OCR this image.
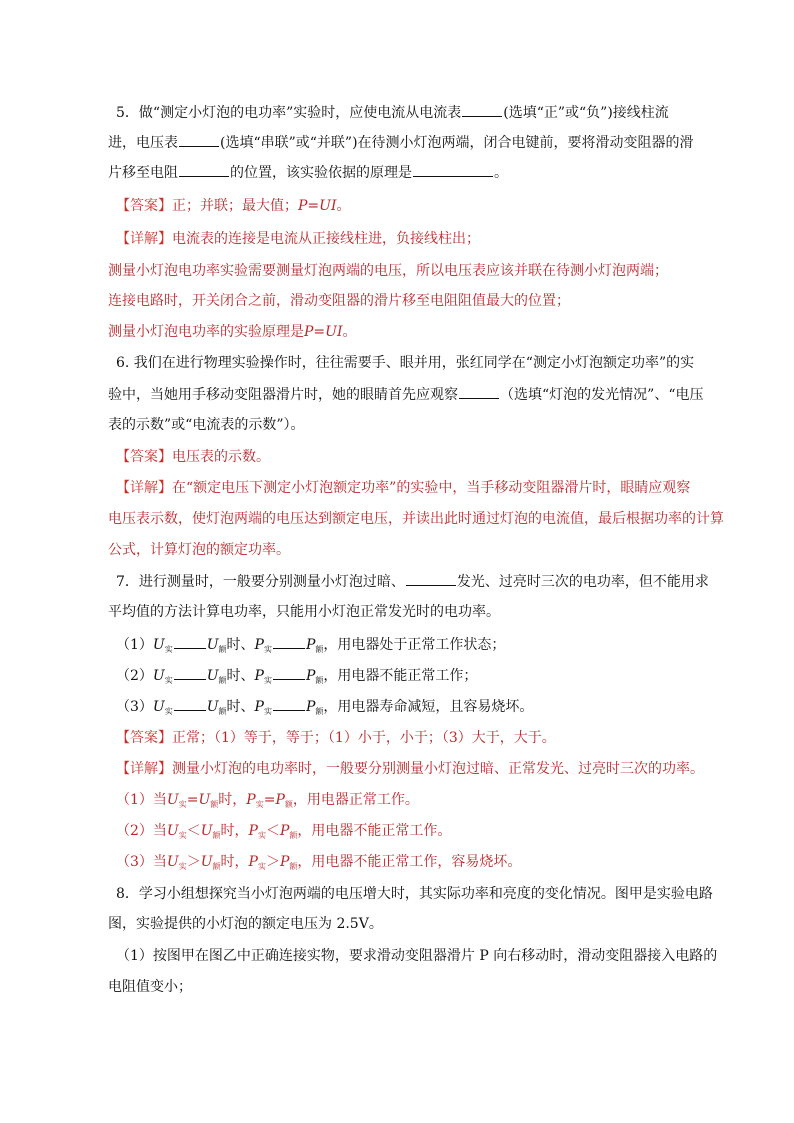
5．做“测定小灯泡的电功率”实验时，应使电流从电流表	(选填“正”或“负”)接线柱流
进，电压表	(选填“串联”或“并联”)在待测小灯泡两端，闭合电键前，要将滑动变阻器的滑
片移至电阻	的位置，该实验依据的原理是	。
【答案】正；并联；最大值；P=UI。
【详解】电流表的连接是电流从正接线柱进，负接线柱出；
测量小灯泡电功率实验需要测量灯泡两端的电压，所以电压表应该并联在待测小灯泡两端；
连接电路时，开关闭合之前，滑动变阻器的滑片移至电阻阻值最大的位置；
测量小灯泡电功率的实验原理是P=UI。
6. 我们在进行物理实验操作时，往往需要手、眼并用，张红同学在“测定小灯泡额定功率”的实
验中，当她用手移动变阻器滑片时，她的眼睛首先应观察	（选填“灯泡的发光情况”、“电压
表的示数”或“电流表的示数”）。
【答案】电压表的示数。
【详解】在“额定电压下测定小灯泡额定功率”的实验中，当手移动变阻器滑片时，眼睛应观察
电压表示数，使灯泡两端的电压达到额定电压，并读出此时通过灯泡的电流值，最后根据功率的计算
公式，计算灯泡的额定功率。
7．进行测量时，一般要分别测量小灯泡过暗、	发光、过亮时三次的电功率，但不能用求
平均值的方法计算电功率，只能用小灯泡正常发光时的电功率。
$(1)U_实$ $U_额$时、$P_实$ $P_额$，用电器处于正常工作状态；
$(2)U_实$ $U_额$时、$P_实$ $P_额$，用电器不能正常工作；
$(3)U_实$ $U_额$时、$P_实$ $P_额$，用电器寿命减短，且容易烧坏。
【答案】正常；（1）等于，等于；（1）小于，小于；（3）大于，大于。
【详解】测量小灯泡的电功率时，一般要分别测量小灯泡过暗、正常发光、过亮时三次的功率。
（1）当$U_实=U_额$时，$P_实=P_额$，用电器正常工作。
（2）当$U_实<U_额$时，$P_实<P_额$，用电器不能正常工作。
（3）当$U_实>U_额$时，$P_实>P_额$，用电器不能正常工作，容易烧坏。
8．学习小组想探究当小灯泡两端的电压增大时，其实际功率和亮度的变化情况。图甲是实验电路
图，实验提供的小灯泡的额定电压为 2.5V。
（1）按图甲在图乙中正确连接实物，要求滑动变阻器滑片 P 向右移动时，滑动变阻器接入电路的
电阻值变小；
